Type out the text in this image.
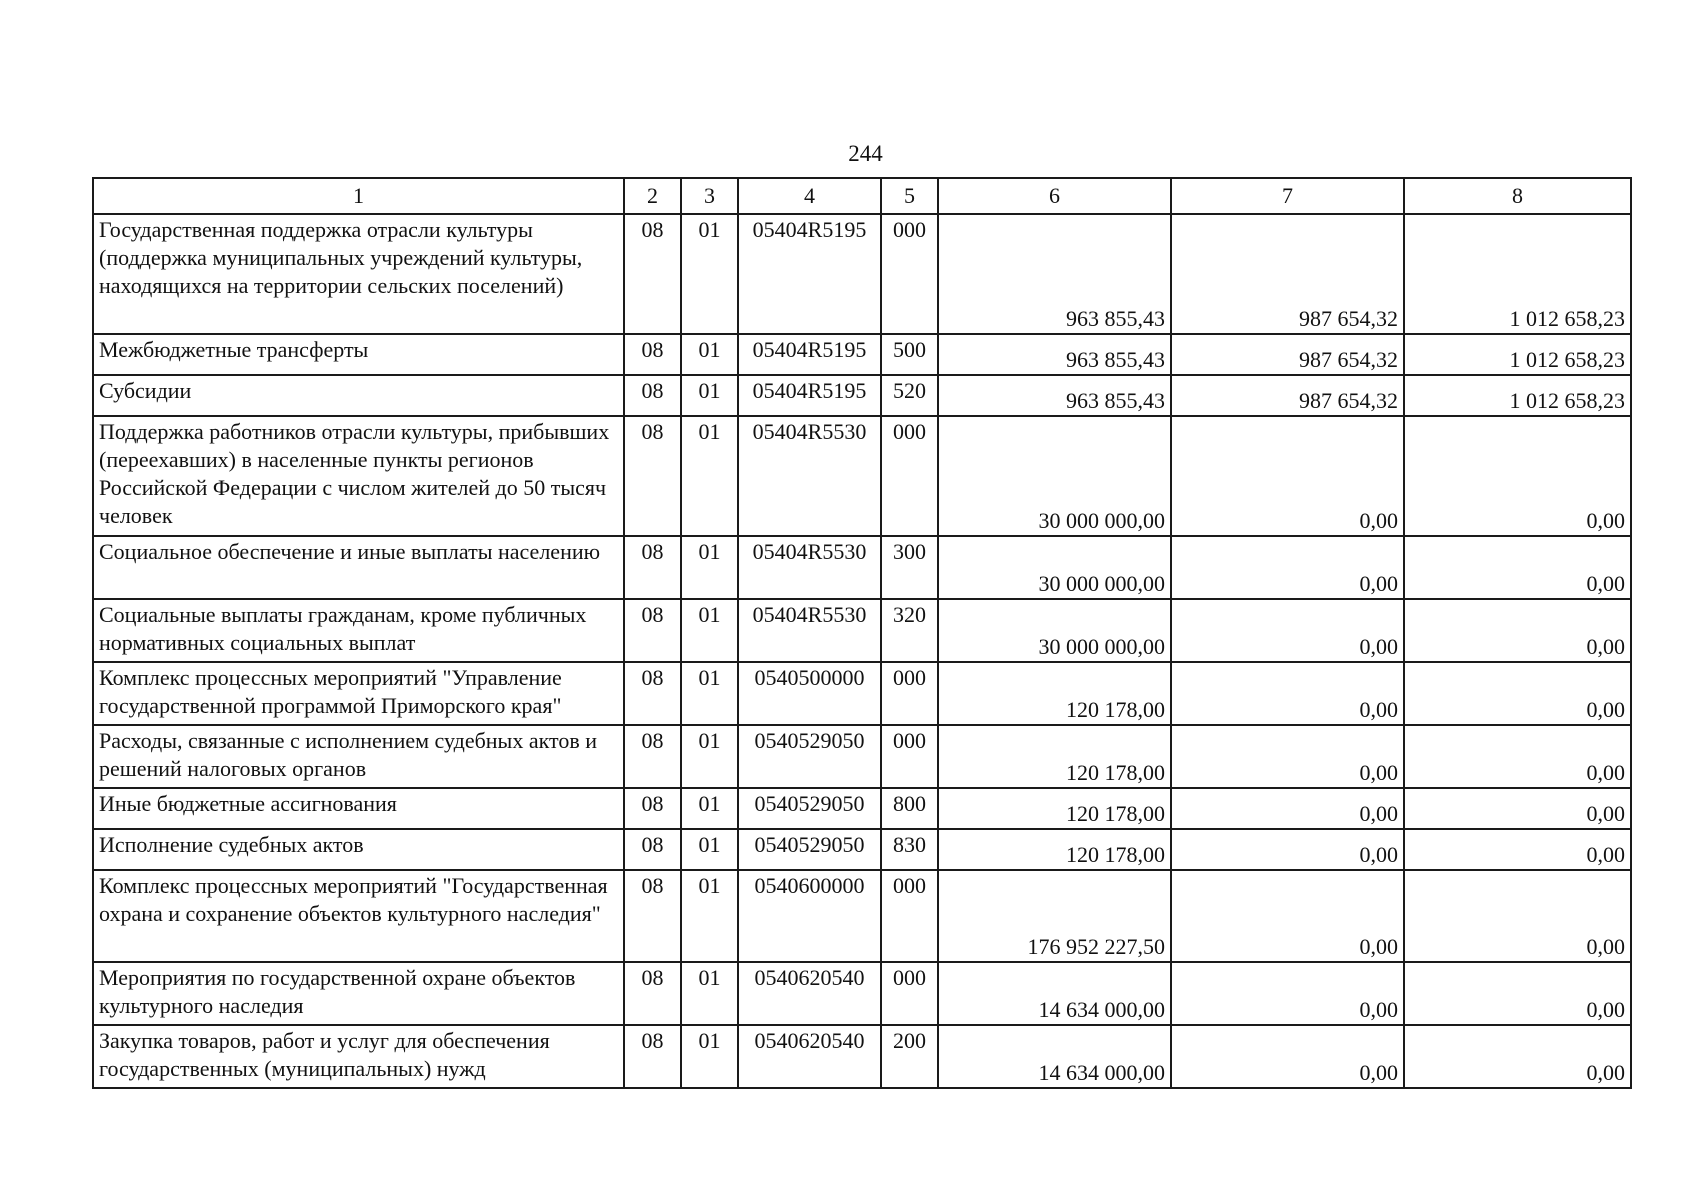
244
1	2	3	4	5	6	7	8
Государственная поддержка отрасли культуры (поддержка муниципальных учреждений культуры, находящихся на территории сельских поселений)	08	01	05404R5195	000	963 855,43	987 654,32	1 012 658,23
Межбюджетные трансферты	08	01	05404R5195	500	963 855,43	987 654,32	1 012 658,23
Субсидии	08	01	05404R5195	520	963 855,43	987 654,32	1 012 658,23
Поддержка работников отрасли культуры, прибывших (переехавших) в населенные пункты регионов Российской Федерации с числом жителей до 50 тысяч человек	08	01	05404R5530	000	30 000 000,00	0,00	0,00
Социальное обеспечение и иные выплаты населению	08	01	05404R5530	300	30 000 000,00	0,00	0,00
Социальные выплаты гражданам, кроме публичных нормативных социальных выплат	08	01	05404R5530	320	30 000 000,00	0,00	0,00
Комплекс процессных мероприятий "Управление государственной программой Приморского края"	08	01	0540500000	000	120 178,00	0,00	0,00
Расходы, связанные с исполнением судебных актов и решений налоговых органов	08	01	0540529050	000	120 178,00	0,00	0,00
Иные бюджетные ассигнования	08	01	0540529050	800	120 178,00	0,00	0,00
Исполнение судебных актов	08	01	0540529050	830	120 178,00	0,00	0,00
Комплекс процессных мероприятий "Государственная охрана и сохранение объектов культурного наследия"	08	01	0540600000	000	176 952 227,50	0,00	0,00
Мероприятия по государственной охране объектов культурного наследия	08	01	0540620540	000	14 634 000,00	0,00	0,00
Закупка товаров, работ и услуг для обеспечения государственных (муниципальных) нужд	08	01	0540620540	200	14 634 000,00	0,00	0,00
